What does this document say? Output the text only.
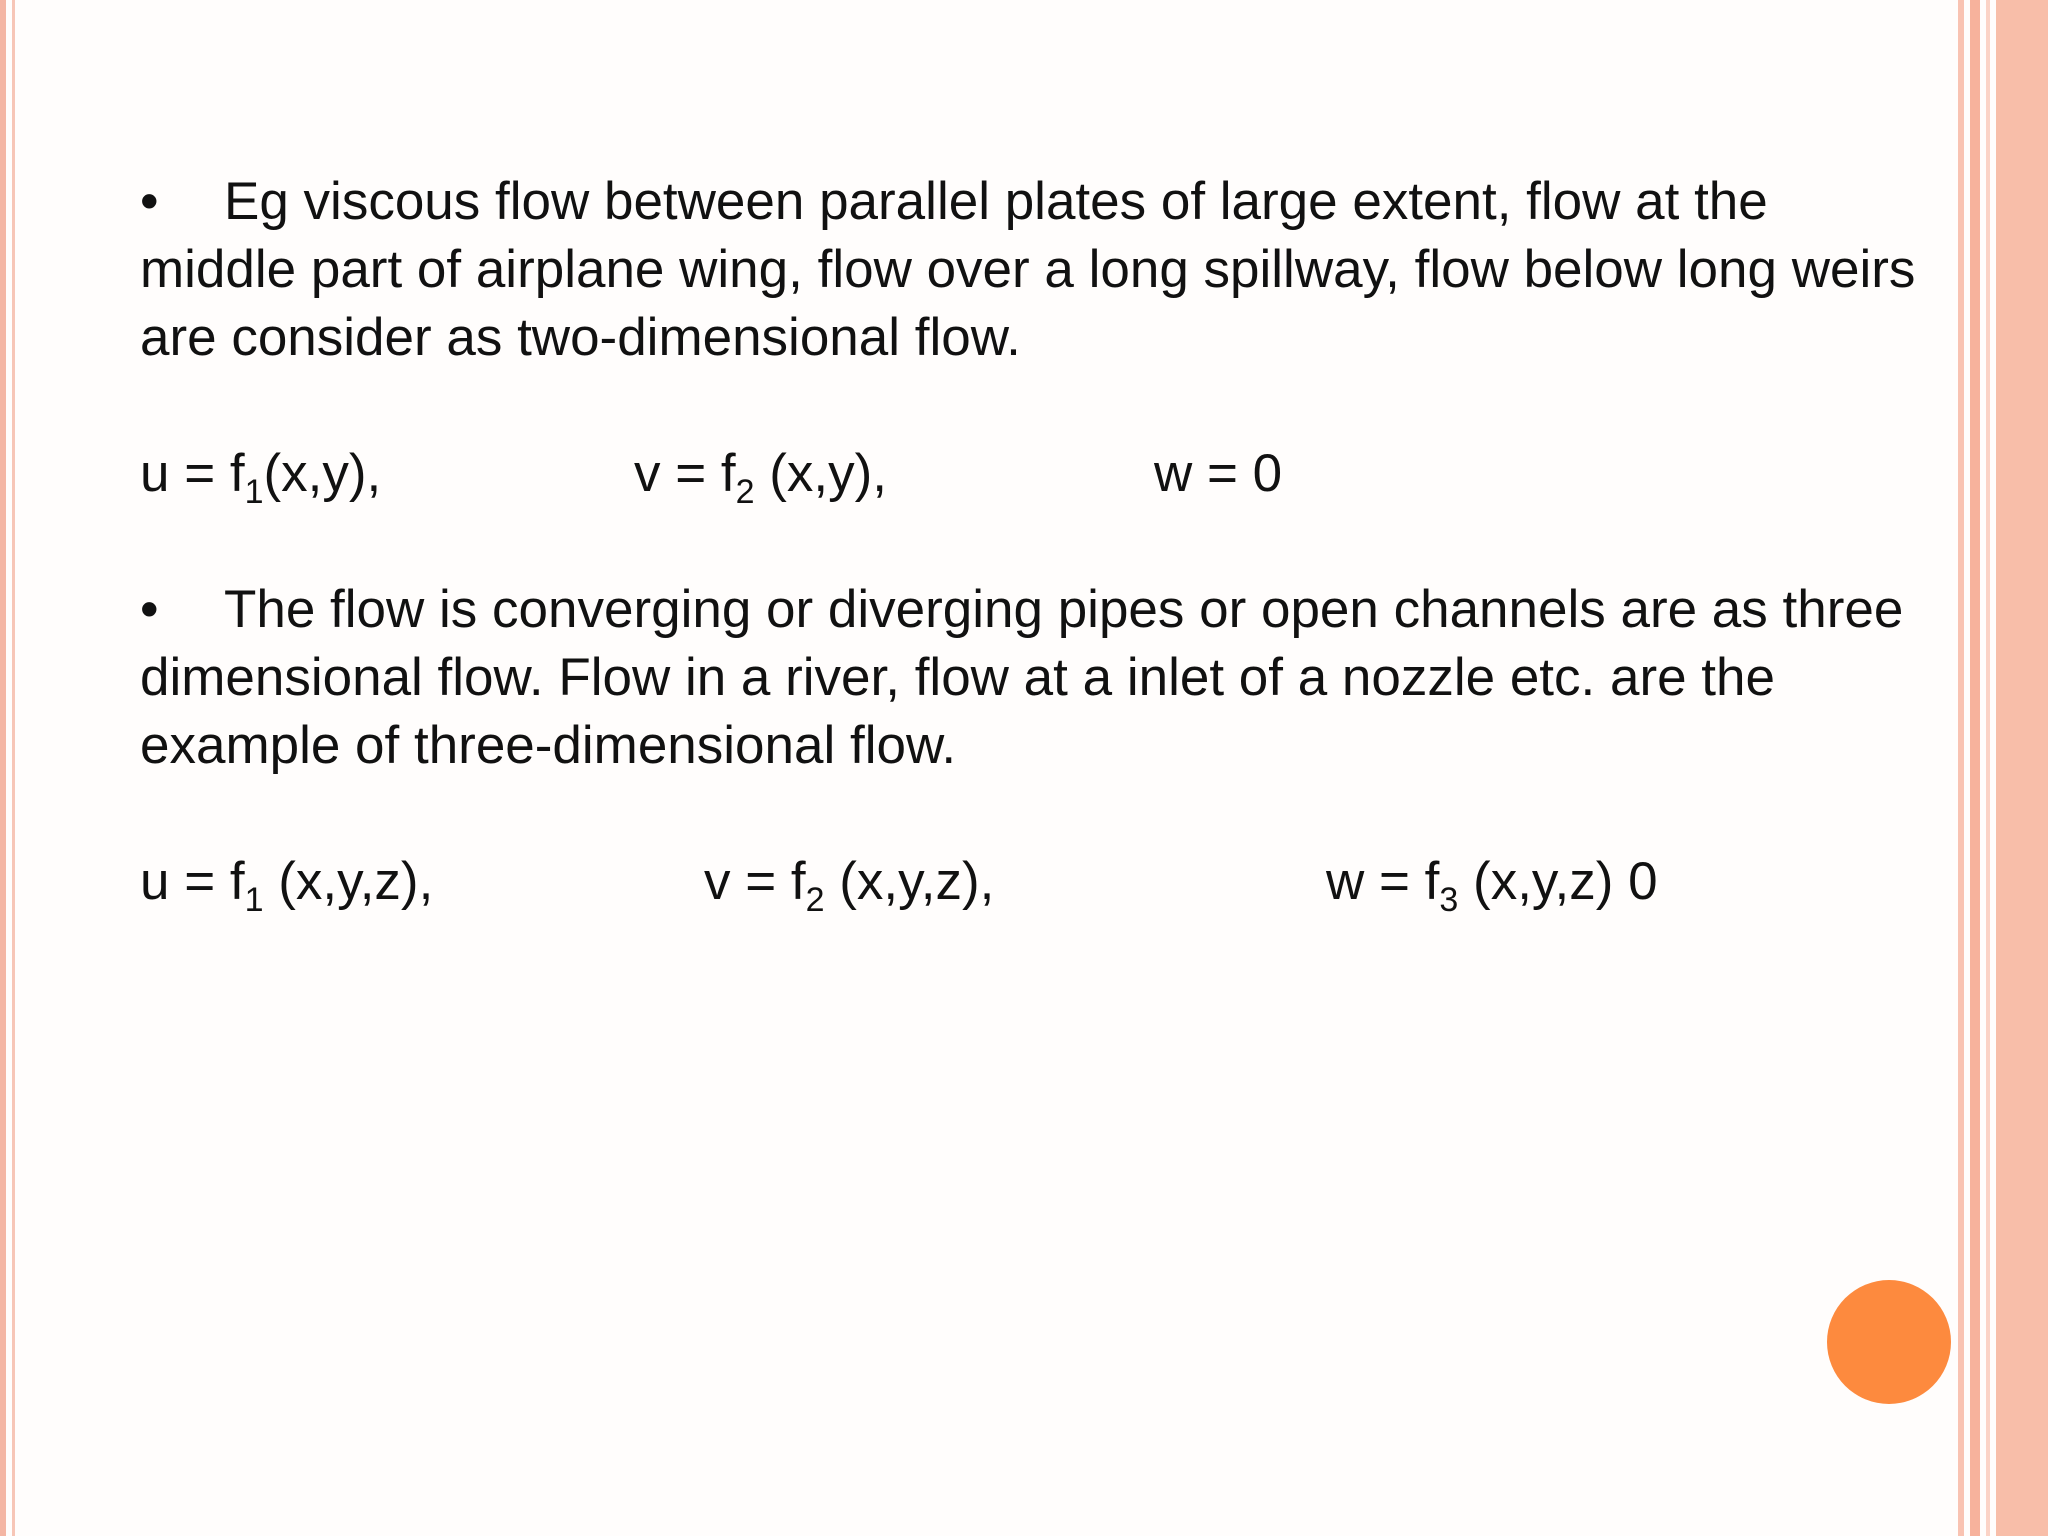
• Eg viscous flow between parallel plates of large extent, flow at the middle part of airplane wing, flow over a long spillway, flow below long weirs are consider as two-dimensional flow.

$u = f_1(x,y)$,	$v = f_2$ (x,y),	w = 0

• The flow is converging or diverging pipes or open channels are as three dimensional flow. Flow in a river, flow at a inlet of a nozzle etc. are the example of three-dimensional flow.

$u = f_1$ (x,y,z),	$v = f_2$ (x,y,z),	$w = f_3$ (x,y,z) 0
